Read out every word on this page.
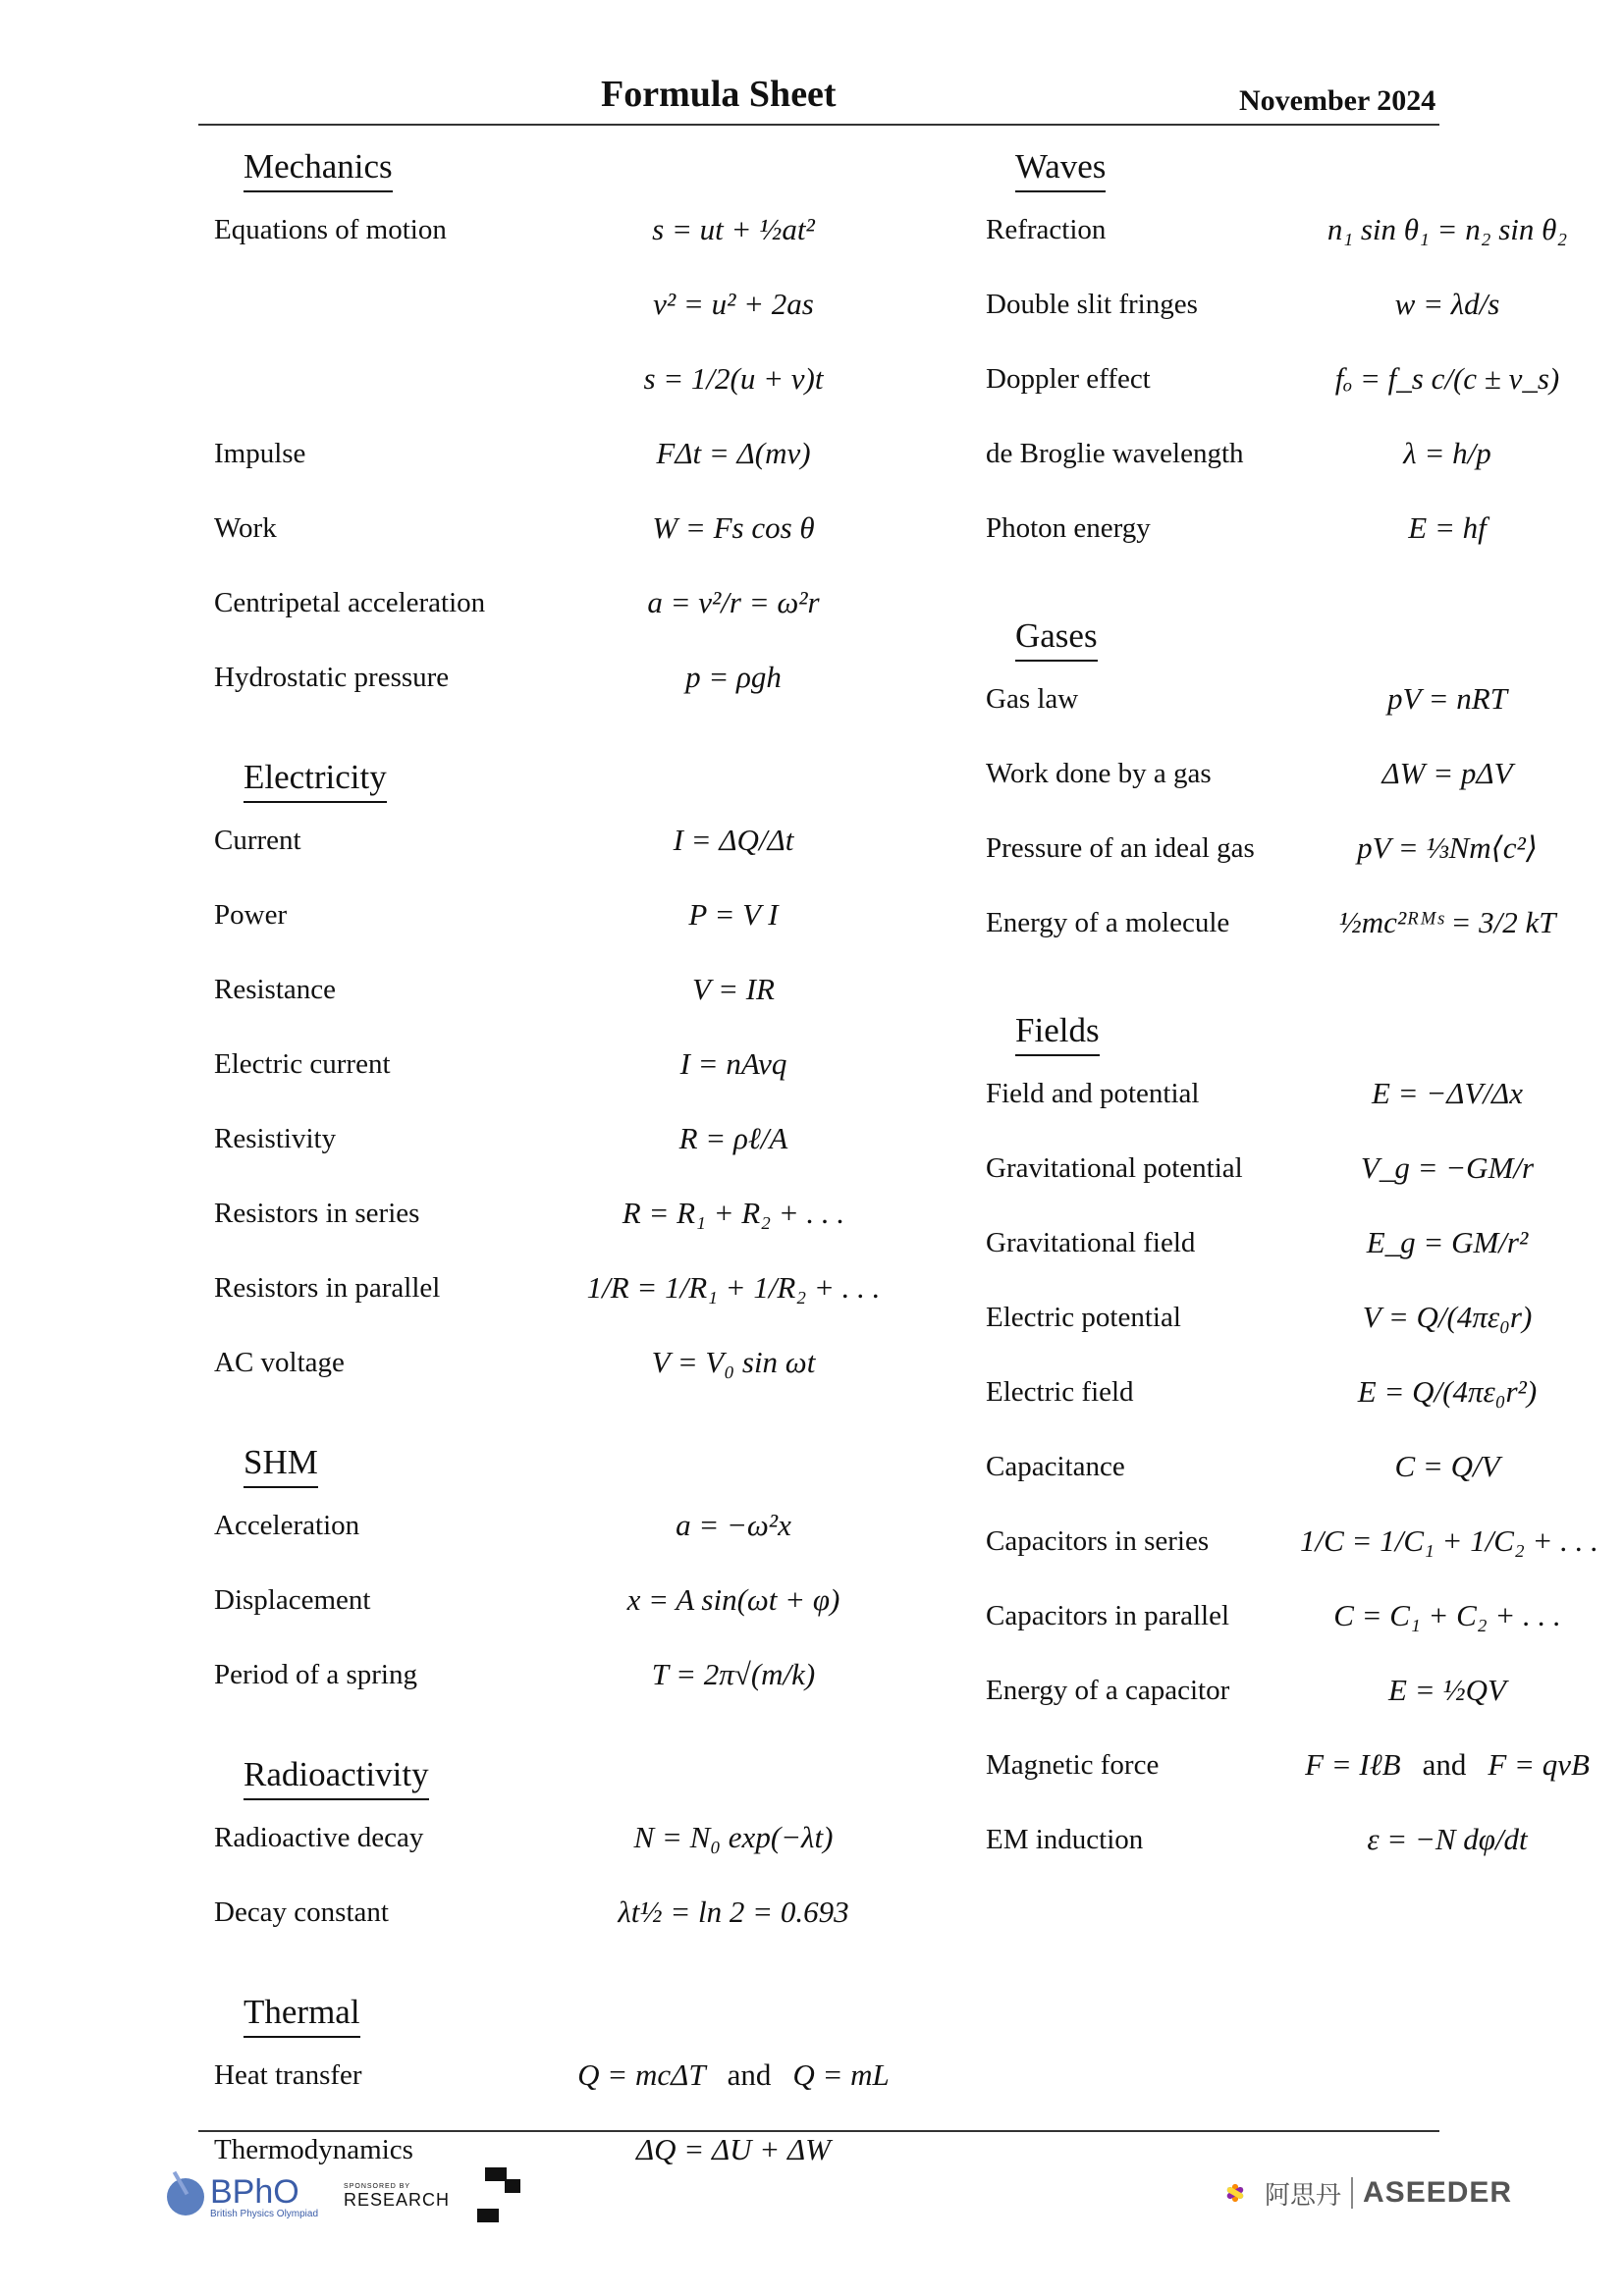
Formula Sheet	November 2024
Mechanics
Equations of motion	s = ut + ½at²
v² = u² + 2as
s = 1/2(u + v)t
Impulse	FΔt = Δ(mv)
Work	W = Fs cos θ
Centripetal acceleration	a = v²/r = ω²r
Hydrostatic pressure	p = ρgh
Electricity
Current	I = ΔQ/Δt
Power	P = V I
Resistance	V = IR
Electric current	I = nAvq
Resistivity	R = ρℓ/A
Resistors in series	R = R₁ + R₂ + . . .
Resistors in parallel	1/R = 1/R₁ + 1/R₂ + . . .
AC voltage	V = V₀ sin ωt
SHM
Acceleration	a = −ω²x
Displacement	x = A sin(ωt + φ)
Period of a spring	T = 2π√(m/k)
Radioactivity
Radioactive decay	N = N₀ exp(−λt)
Decay constant	λt½ = ln 2 = 0.693
Thermal
Heat transfer	Q = mcΔT and Q = mL
Thermodynamics	ΔQ = ΔU + ΔW
Waves
Refraction	n₁ sin θ₁ = n₂ sin θ₂
Double slit fringes	w = λd/s
Doppler effect	fₒ = f_s c/(c ± v_s)
de Broglie wavelength	λ = h/p
Photon energy	E = hf
Gases
Gas law	pV = nRT
Work done by a gas	ΔW = pΔV
Pressure of an ideal gas	pV = ⅓Nm⟨c²⟩
Energy of a molecule	½mc²ᴿᴹˢ = 3/2 kT
Fields
Field and potential	E = −ΔV/Δx
Gravitational potential	V_g = −GM/r
Gravitational field	E_g = GM/r²
Electric potential	V = Q/(4πε₀r)
Electric field	E = Q/(4πε₀r²)
Capacitance	C = Q/V
Capacitors in series	1/C = 1/C₁ + 1/C₂ + . . .
Capacitors in parallel	C = C₁ + C₂ + . . .
Energy of a capacitor	E = ½QV
Magnetic force	F = IℓB and F = qvB
EM induction	ε = −N dφ/dt
BPhO
British Physics Olympiad
SPONSORED BY
RESEARCH	阿思丹 ASEEDER
